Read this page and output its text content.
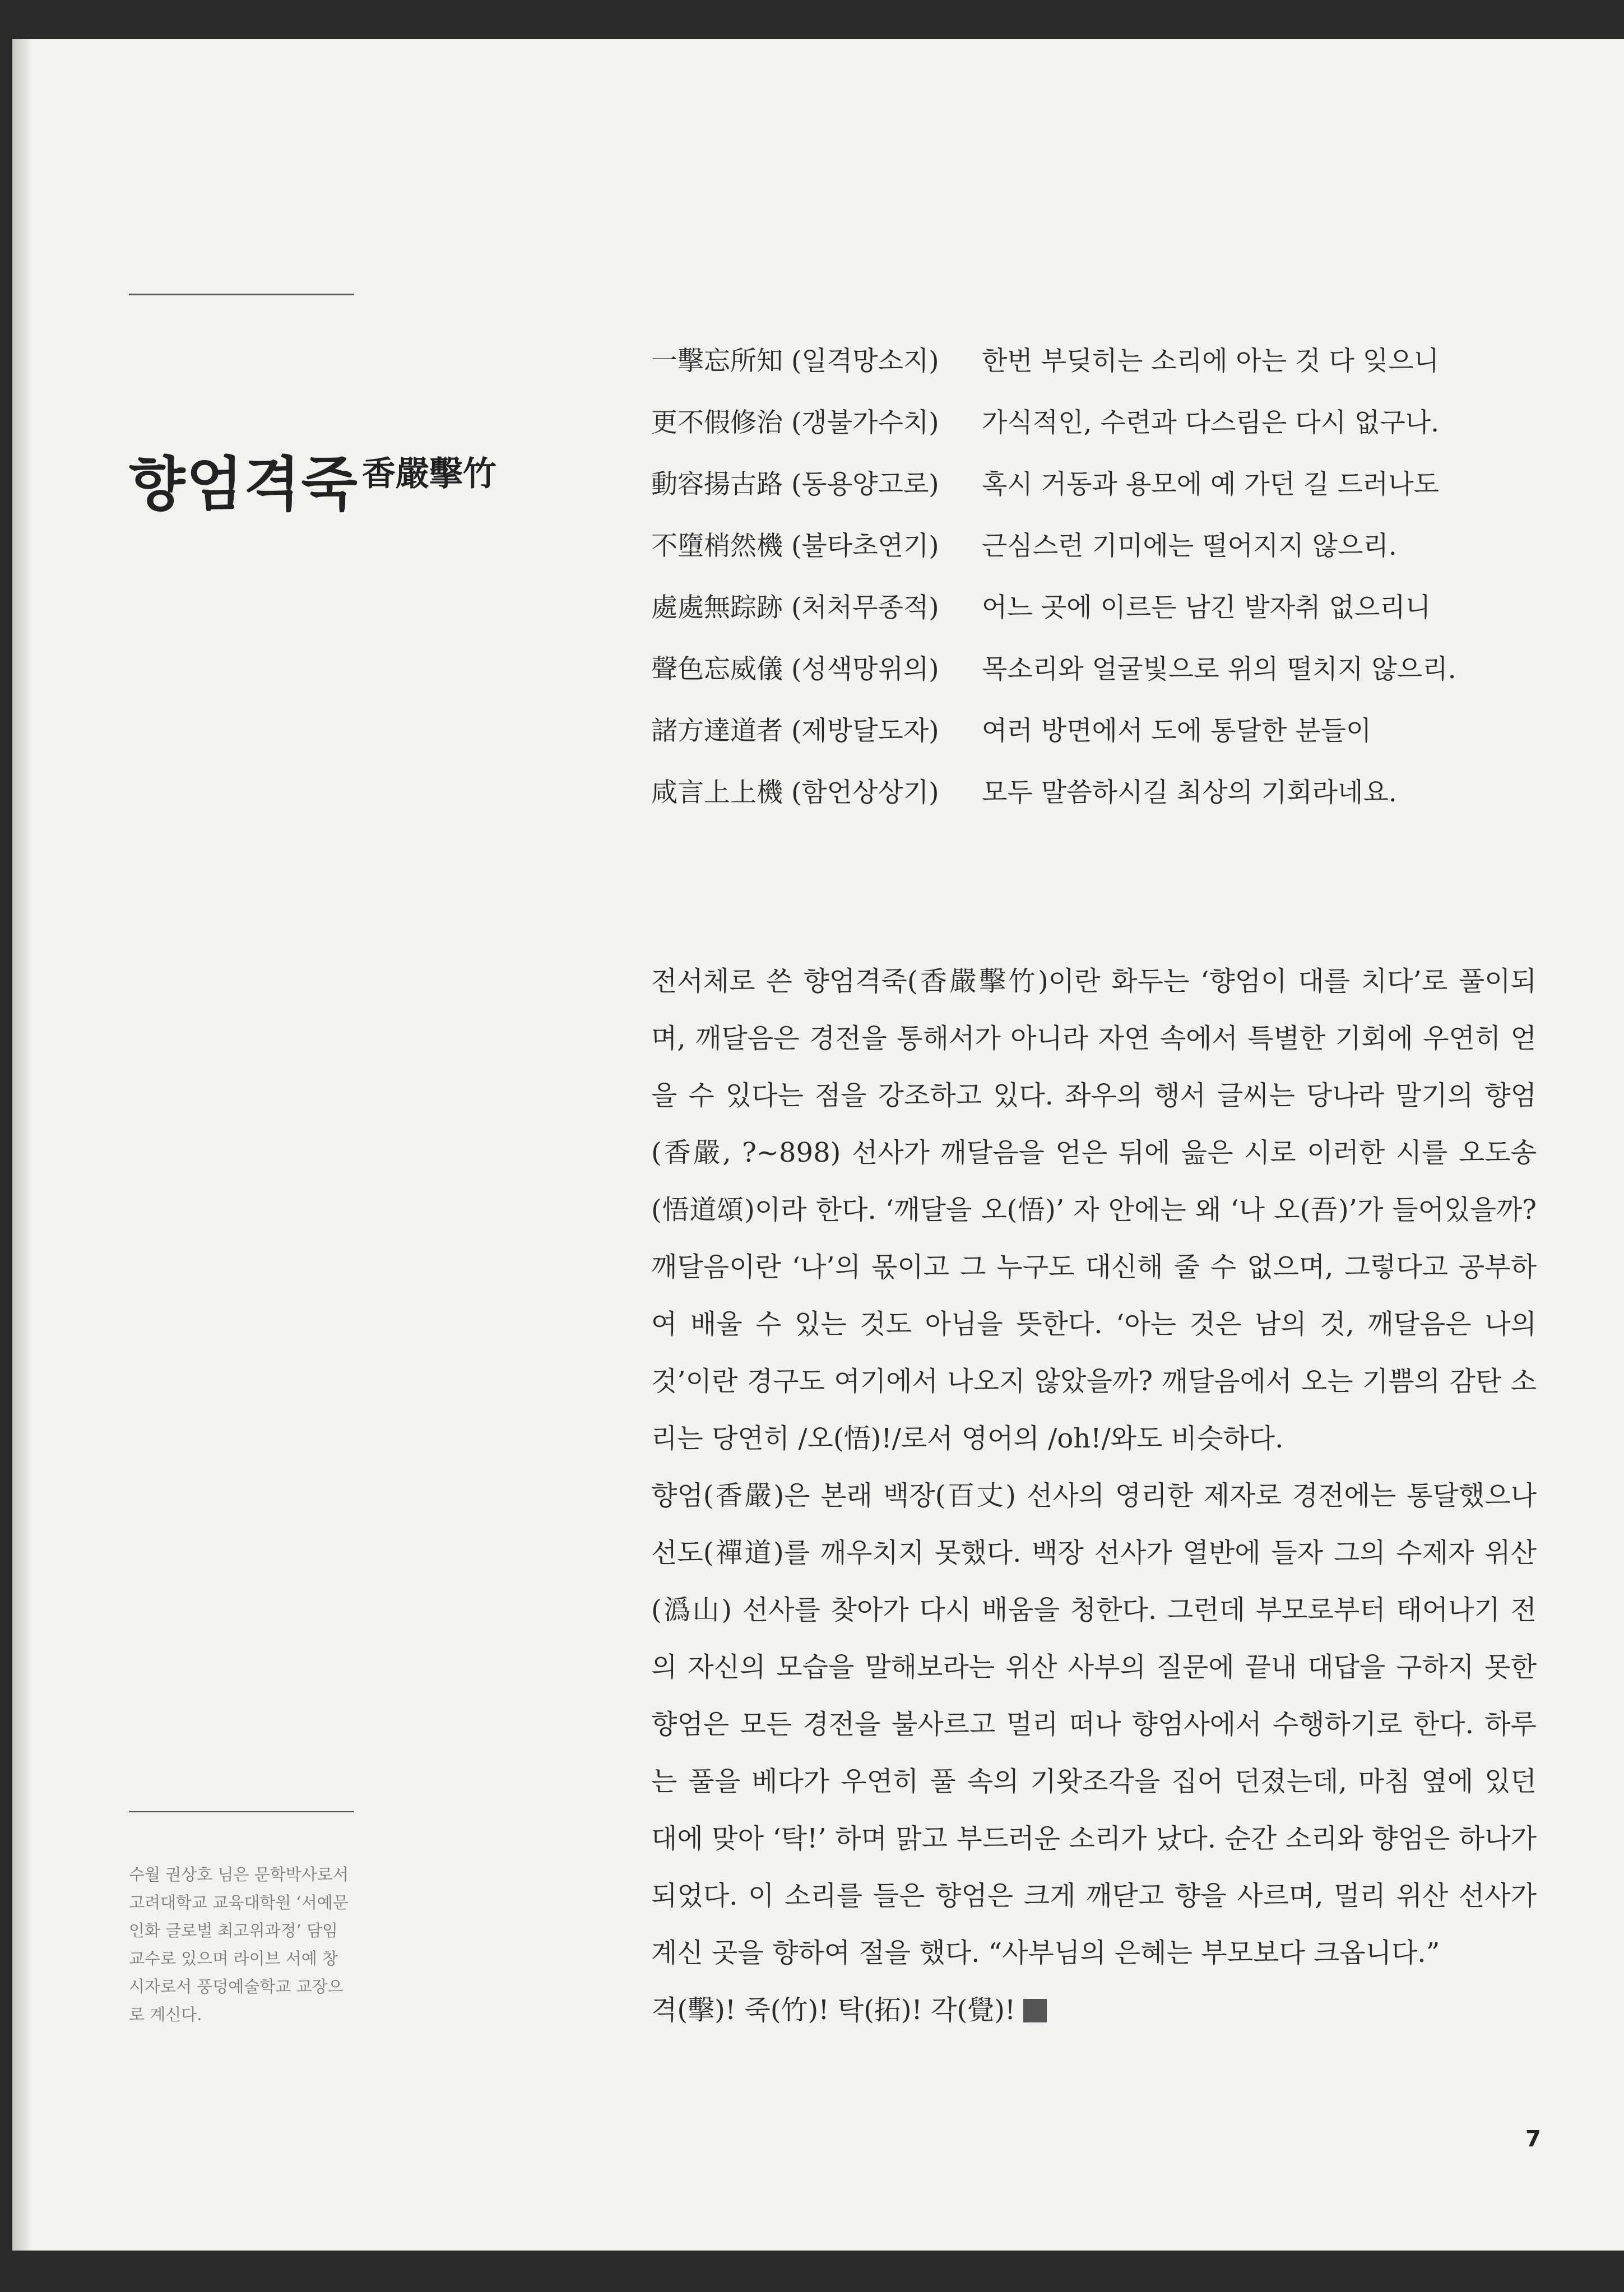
향엄격죽 香嚴擊竹
一擊忘所知 (일격망소지) 한번 부딪히는 소리에 아는 것 다 잊으니
更不假修治 (갱불가수치) 가식적인, 수련과 다스림은 다시 없구나.
動容揚古路 (동용양고로) 혹시 거동과 용모에 예 가던 길 드러나도
不墮梢然機 (불타초연기) 근심스런 기미에는 떨어지지 않으리.
處處無踪跡 (처처무종적) 어느 곳에 이르든 남긴 발자취 없으리니
聲色忘威儀 (성색망위의) 목소리와 얼굴빛으로 위의 떨치지 않으리.
諸方達道者 (제방달도자) 여러 방면에서 도에 통달한 분들이
咸言上上機 (함언상상기) 모두 말씀하시길 최상의 기회라네요.

전서체로 쓴 향엄격죽(香嚴擊竹)이란 화두는 ‘향엄이 대를 치다’로 풀이되며, 깨달음은 경전을 통해서가 아니라 자연 속에서 특별한 기회에 우연히 얻을 수 있다는 점을 강조하고 있다. 좌우의 행서 글씨는 당나라 말기의 향엄(香嚴, ?~898) 선사가 깨달음을 얻은 뒤에 읊은 시로 이러한 시를 오도송(悟道頌)이라 한다. ‘깨달을 오(悟)’ 자 안에는 왜 ‘나 오(吾)’가 들어있을까? 깨달음이란 ‘나’의 몫이고 그 누구도 대신해 줄 수 없으며, 그렇다고 공부하여 배울 수 있는 것도 아님을 뜻한다. ‘아는 것은 남의 것, 깨달음은 나의 것’이란 경구도 여기에서 나오지 않았을까? 깨달음에서 오는 기쁨의 감탄 소리는 당연히 /오(悟)!/로서 영어의 /oh!/와도 비슷하다.

향엄(香嚴)은 본래 백장(百丈) 선사의 영리한 제자로 경전에는 통달했으나 선도(禪道)를 깨우치지 못했다. 백장 선사가 열반에 들자 그의 수제자 위산(潙山) 선사를 찾아가 다시 배움을 청한다. 그런데 부모로부터 태어나기 전의 자신의 모습을 말해보라는 위산 사부의 질문에 끝내 대답을 구하지 못한 향엄은 모든 경전을 불사르고 멀리 떠나 향엄사에서 수행하기로 한다. 하루는 풀을 베다가 우연히 풀 속의 기왓조각을 집어 던졌는데, 마침 옆에 있던 대에 맞아 ‘탁!’ 하며 맑고 부드러운 소리가 났다. 순간 소리와 향엄은 하나가 되었다. 이 소리를 들은 향엄은 크게 깨닫고 향을 사르며, 멀리 위산 선사가 계신 곳을 향하여 절을 했다. “사부님의 은혜는 부모보다 크옵니다.”

격(擊)! 죽(竹)! 탁(拓)! 각(覺)!

수월 권상호 님은 문학박사로서 고려대학교 교육대학원 ‘서예문인화 글로벌 최고위과정’ 담임교수로 있으며 라이브 서예 창시자로서 풍덩예술학교 교장으로 계신다.
7
